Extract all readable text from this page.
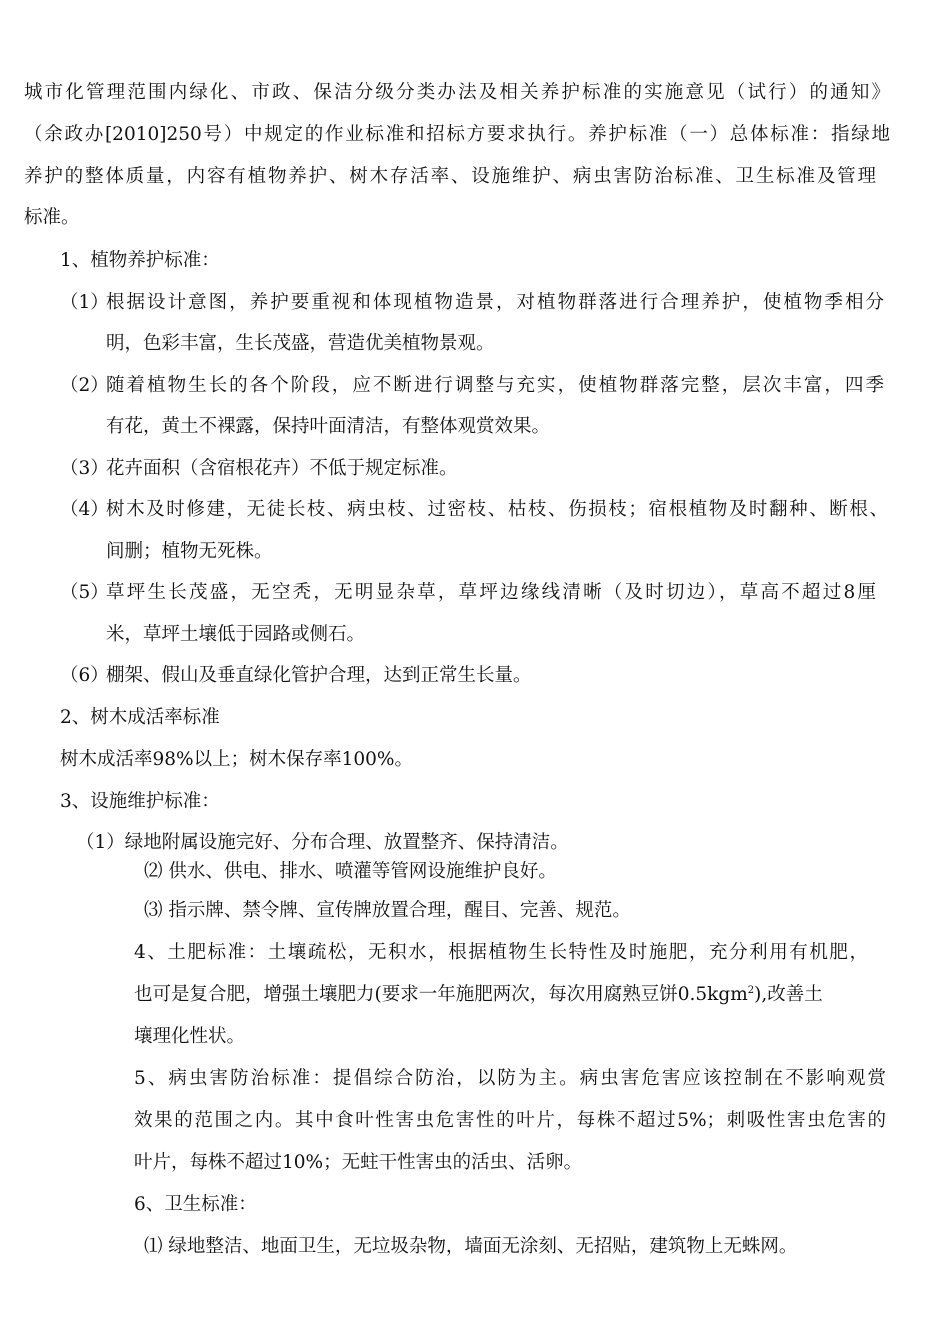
城市化管理范围内绿化、市政、保洁分级分类办法及相关养护标准的实施意见（试行）的通知》
（余政办[2010]250号）中规定的作业标准和招标方要求执行。养护标准（一）总体标准：指绿地
养护的整体质量，内容有植物养护、树木存活率、设施维护、病虫害防治标准、卫生标准及管理
标准。
1、植物养护标准：
（1）
根据设计意图，养护要重视和体现植物造景，对植物群落进行合理养护，使植物季相分
明，色彩丰富，生长茂盛，营造优美植物景观。
（2）
随着植物生长的各个阶段，应不断进行调整与充实，使植物群落完整，层次丰富，四季
有花，黄土不裸露，保持叶面清洁，有整体观赏效果。
（3）
花卉面积（含宿根花卉）不低于规定标准。
（4）
树木及时修建，无徒长枝、病虫枝、过密枝、枯枝、伤损枝；宿根植物及时翻种、断根、
间删；植物无死株。
（5）
草坪生长茂盛，无空秃，无明显杂草，草坪边缘线清晰（及时切边），草高不超过8厘
米，草坪土壤低于园路或侧石。
（6）
棚架、假山及垂直绿化管护合理，达到正常生长量。
2、树木成活率标准
树木成活率98%以上；树木保存率100%。
3、设施维护标准：
（1）绿地附属设施完好、分布合理、放置整齐、保持清洁。
⑵ 供水、供电、排水、喷灌等管网设施维护良好。
⑶ 指示牌、禁令牌、宣传牌放置合理，醒目、完善、规范。
4、土肥标准：土壤疏松，无积水，根据植物生长特性及时施肥，充分利用有机肥，
也可是复合肥，增强土壤肥力(要求一年施肥两次，每次用腐熟豆饼0.5kgm$^2$),改善土
壤理化性状。
5、病虫害防治标准：提倡综合防治，以防为主。病虫害危害应该控制在不影响观赏
效果的范围之内。其中食叶性害虫危害性的叶片，每株不超过5%；刺吸性害虫危害的
叶片，每株不超过10%；无蛀干性害虫的活虫、活卵。
6、卫生标准：
⑴ 绿地整洁、地面卫生，无垃圾杂物，墙面无涂刻、无招贴，建筑物上无蛛网。
